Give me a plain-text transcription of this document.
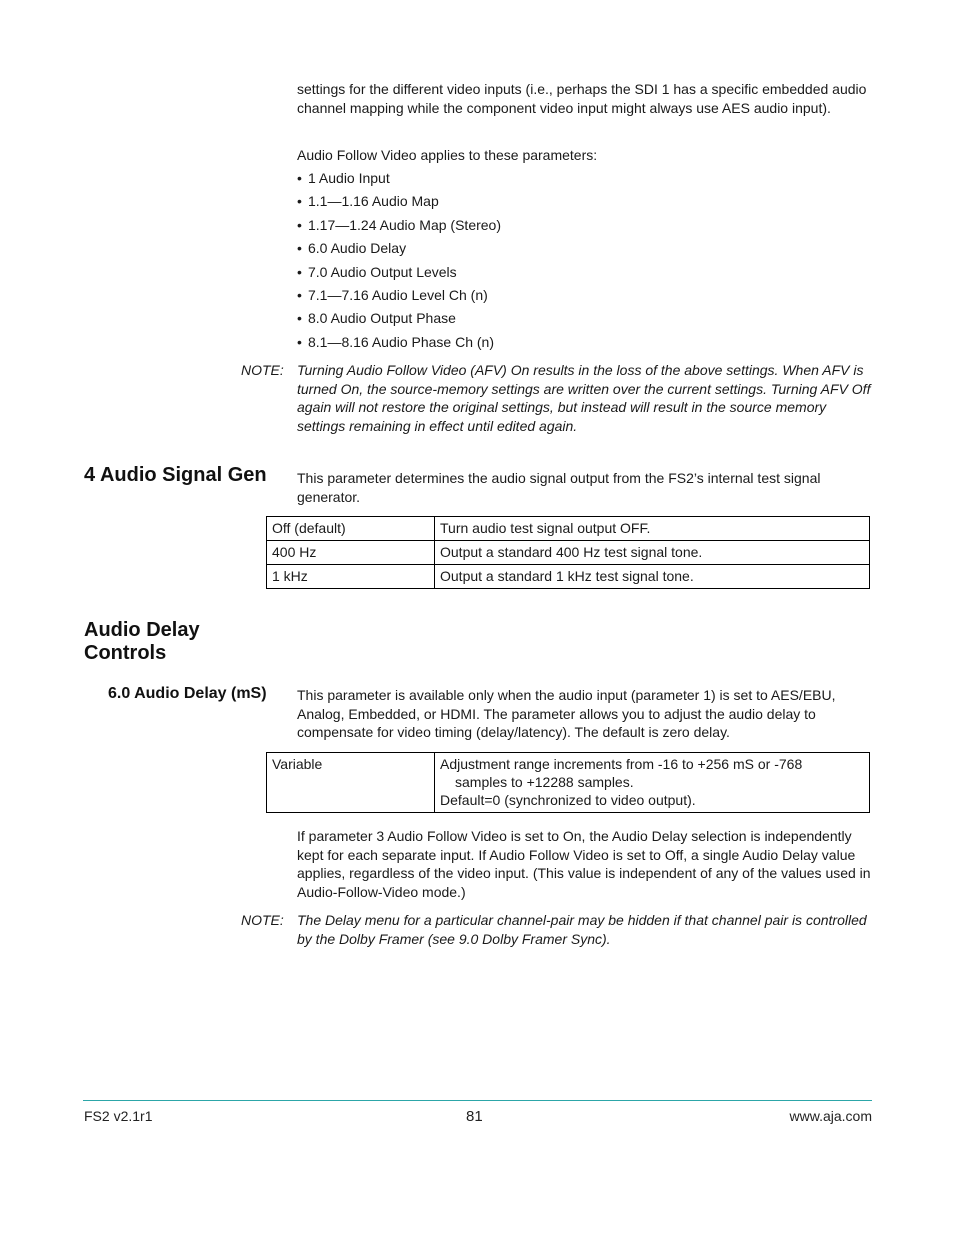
settings for the different video inputs (i.e., perhaps the SDI 1 has a specific embedded audio channel mapping while the component video input might always use AES audio input).
Audio Follow Video applies to these parameters:
• 1 Audio Input
• 1.1—1.16 Audio Map
• 1.17—1.24 Audio Map (Stereo)
• 6.0 Audio Delay
• 7.0 Audio Output Levels
• 7.1—7.16 Audio Level Ch (n)
• 8.0 Audio Output Phase
• 8.1—8.16 Audio Phase Ch (n)
NOTE: Turning Audio Follow Video (AFV) On results in the loss of the above settings. When AFV is turned On, the source-memory settings are written over the current settings. Turning AFV Off again will not restore the original settings, but instead will result in the source memory settings remaining in effect until edited again.
4 Audio Signal Gen This parameter determines the audio signal output from the FS2’s internal test signal generator.
Off (default)	Turn audio test signal output OFF.
400 Hz	Output a standard 400 Hz test signal tone.
1 kHz	Output a standard 1 kHz test signal tone.
Audio Delay
Controls
6.0 Audio Delay (mS) This parameter is available only when the audio input (parameter 1) is set to AES/EBU, Analog, Embedded, or HDMI. The parameter allows you to adjust the audio delay to compensate for video timing (delay/latency). The default is zero delay.
Variable	Adjustment range increments from -16 to +256 mS or -768
samples to +12288 samples.
Default=0 (synchronized to video output).
If parameter 3 Audio Follow Video is set to On, the Audio Delay selection is independently kept for each separate input. If Audio Follow Video is set to Off, a single Audio Delay value applies, regardless of the video input. (This value is independent of any of the values used in Audio-Follow-Video mode.)
NOTE: The Delay menu for a particular channel-pair may be hidden if that channel pair is controlled by the Dolby Framer (see 9.0 Dolby Framer Sync).
FS2 v2.1r1	81	www.aja.com
